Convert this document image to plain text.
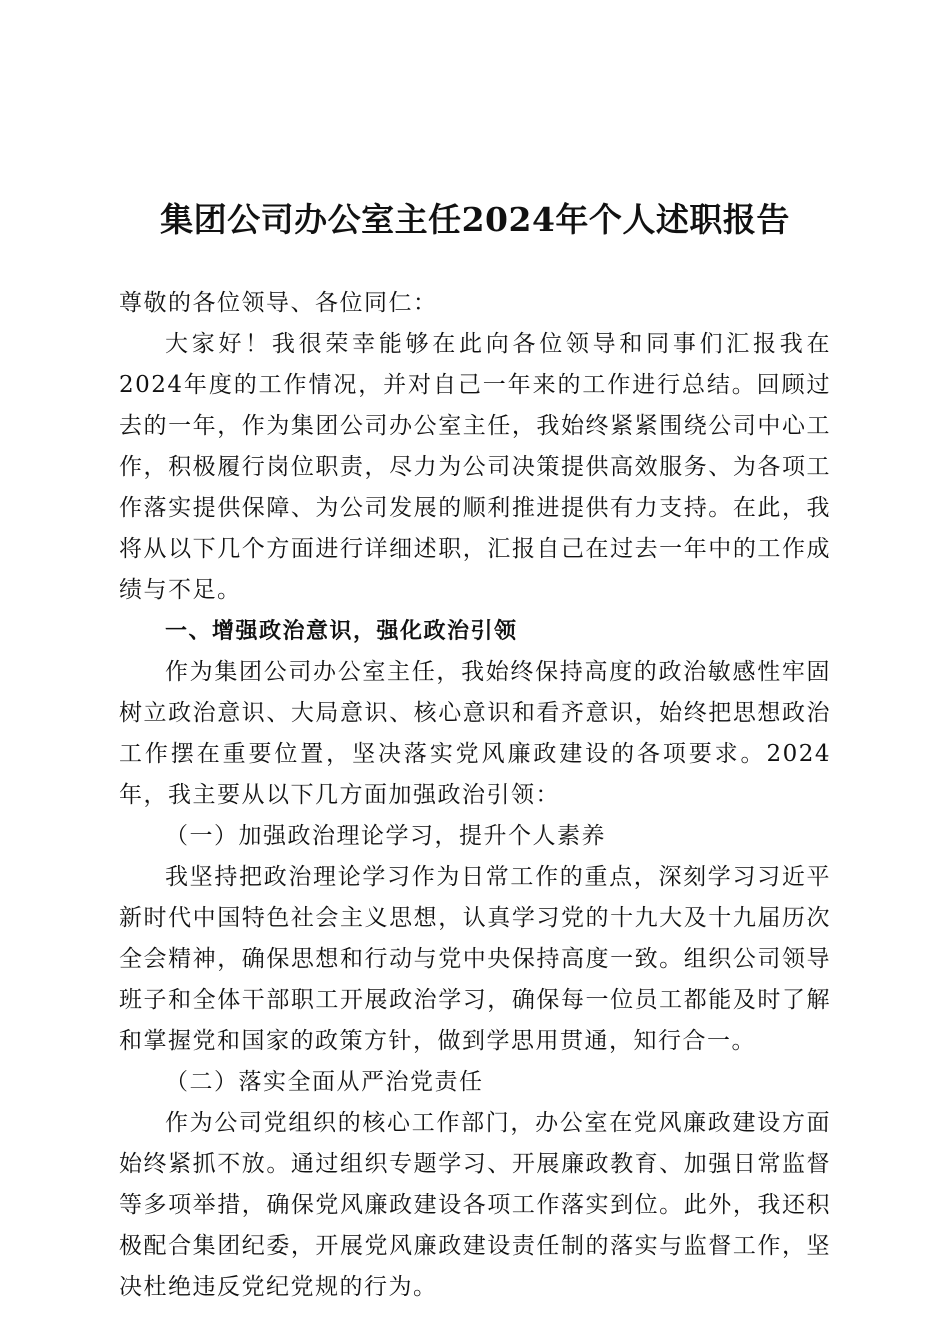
集团公司办公室主任2024年个人述职报告

尊敬的各位领导、各位同仁：

大家好！我很荣幸能够在此向各位领导和同事们汇报我在2024年度的工作情况，并对自己一年来的工作进行总结。回顾过去的一年，作为集团公司办公室主任，我始终紧紧围绕公司中心工作，积极履行岗位职责，尽力为公司决策提供高效服务、为各项工作落实提供保障、为公司发展的顺利推进提供有力支持。在此，我将从以下几个方面进行详细述职，汇报自己在过去一年中的工作成绩与不足。

一、增强政治意识，强化政治引领

作为集团公司办公室主任，我始终保持高度的政治敏感性牢固树立政治意识、大局意识、核心意识和看齐意识，始终把思想政治工作摆在重要位置，坚决落实党风廉政建设的各项要求。2024年，我主要从以下几方面加强政治引领：

（一）加强政治理论学习，提升个人素养

我坚持把政治理论学习作为日常工作的重点，深刻学习习近平新时代中国特色社会主义思想，认真学习党的十九大及十九届历次全会精神，确保思想和行动与党中央保持高度一致。组织公司领导班子和全体干部职工开展政治学习，确保每一位员工都能及时了解和掌握党和国家的政策方针，做到学思用贯通，知行合一。

（二）落实全面从严治党责任

作为公司党组织的核心工作部门，办公室在党风廉政建设方面始终紧抓不放。通过组织专题学习、开展廉政教育、加强日常监督等多项举措，确保党风廉政建设各项工作落实到位。此外，我还积极配合集团纪委，开展党风廉政建设责任制的落实与监督工作，坚决杜绝违反党纪党规的行为。
